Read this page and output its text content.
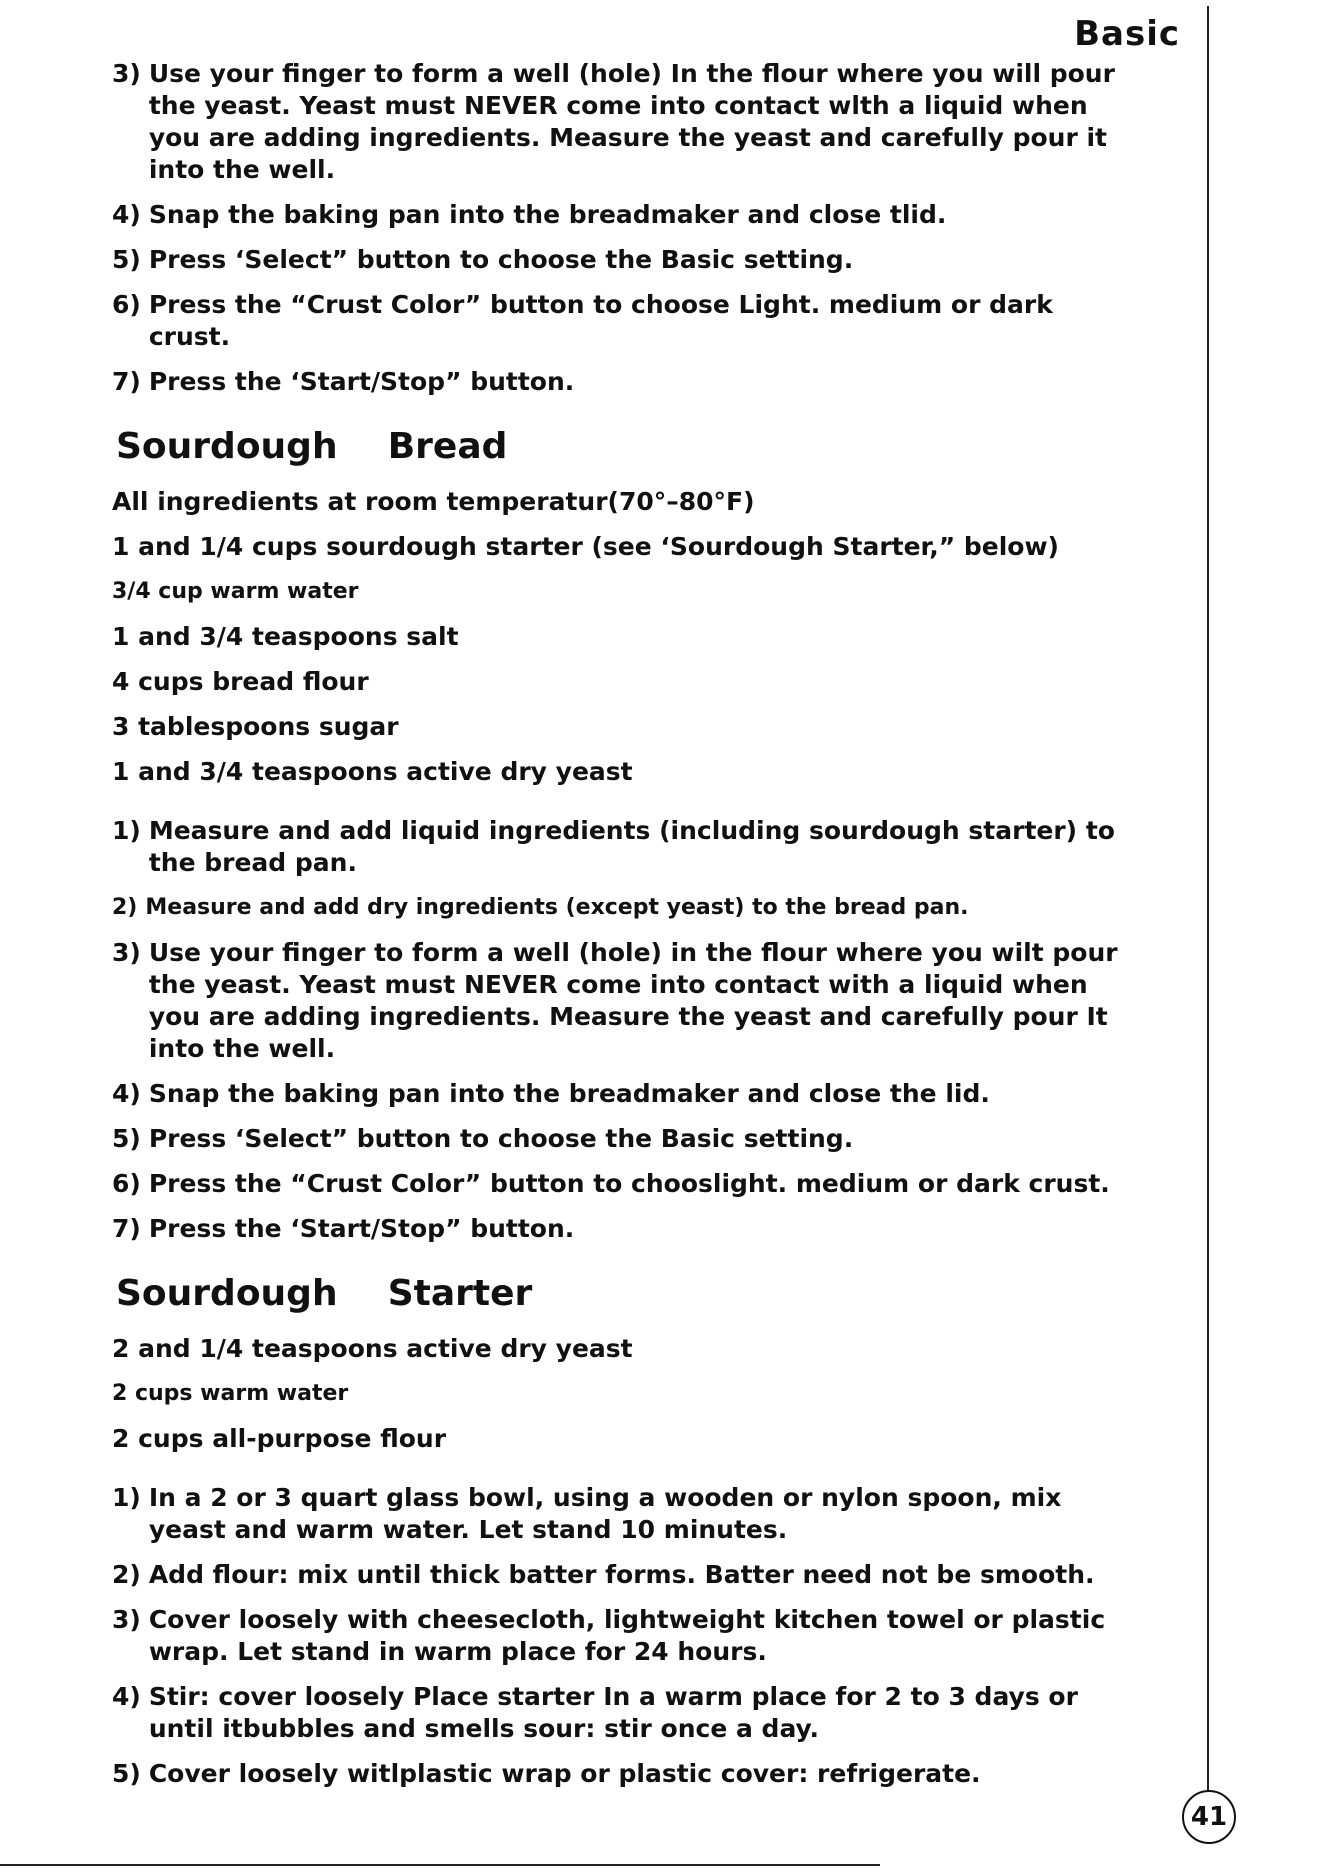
Basic
3) Use your finger to form a well (hole) In the flour where you will pour the yeast. Yeast must NEVER come into contact wlth a liquid when you are adding ingredients. Measure the yeast and carefully pour it into the well.
4) Snap the baking pan into the breadmaker and close tlid.
5) Press ‘Select” button to choose the Basic setting.
6) Press the “Crust Color” button to choose Light. medium or dark crust.
7) Press the ‘Start/Stop” button.
Sourdough    Bread
All ingredients at room temperatur(70°–80°F)
1 and 1/4 cups sourdough starter (see ‘Sourdough Starter,” below)
3/4 cup warm water
1 and 3/4 teaspoons salt
4 cups bread flour
3 tablespoons sugar
1 and 3/4 teaspoons active dry yeast
1) Measure and add liquid ingredients (including sourdough starter) to the bread pan.
2) Measure and add dry ingredients (except yeast) to the bread pan.
3) Use your finger to form a well (hole) in the flour where you wilt pour the yeast. Yeast must NEVER come into contact with a liquid when you are adding ingredients. Measure the yeast and carefully pour It into the well.
4) Snap the baking pan into the breadmaker and close the lid.
5) Press ‘Select” button to choose the Basic setting.
6) Press the “Crust Color” button to chooslight. medium or dark crust.
7) Press the ‘Start/Stop” button.
Sourdough    Starter
2 and 1/4 teaspoons active dry yeast
2 cups warm water
2 cups all-purpose flour
1) In a 2 or 3 quart glass bowl, using a wooden or nylon spoon, mix yeast and warm water. Let stand 10 minutes.
2) Add flour: mix until thick batter forms. Batter need not be smooth.
3) Cover loosely with cheesecloth, lightweight kitchen towel or plastic wrap. Let stand in warm place for 24 hours.
4) Stir: cover loosely Place starter In a warm place for 2 to 3 days or until itbubbles and smells sour: stir once a day.
5) Cover loosely witlplastic wrap or plastic cover: refrigerate.
41
